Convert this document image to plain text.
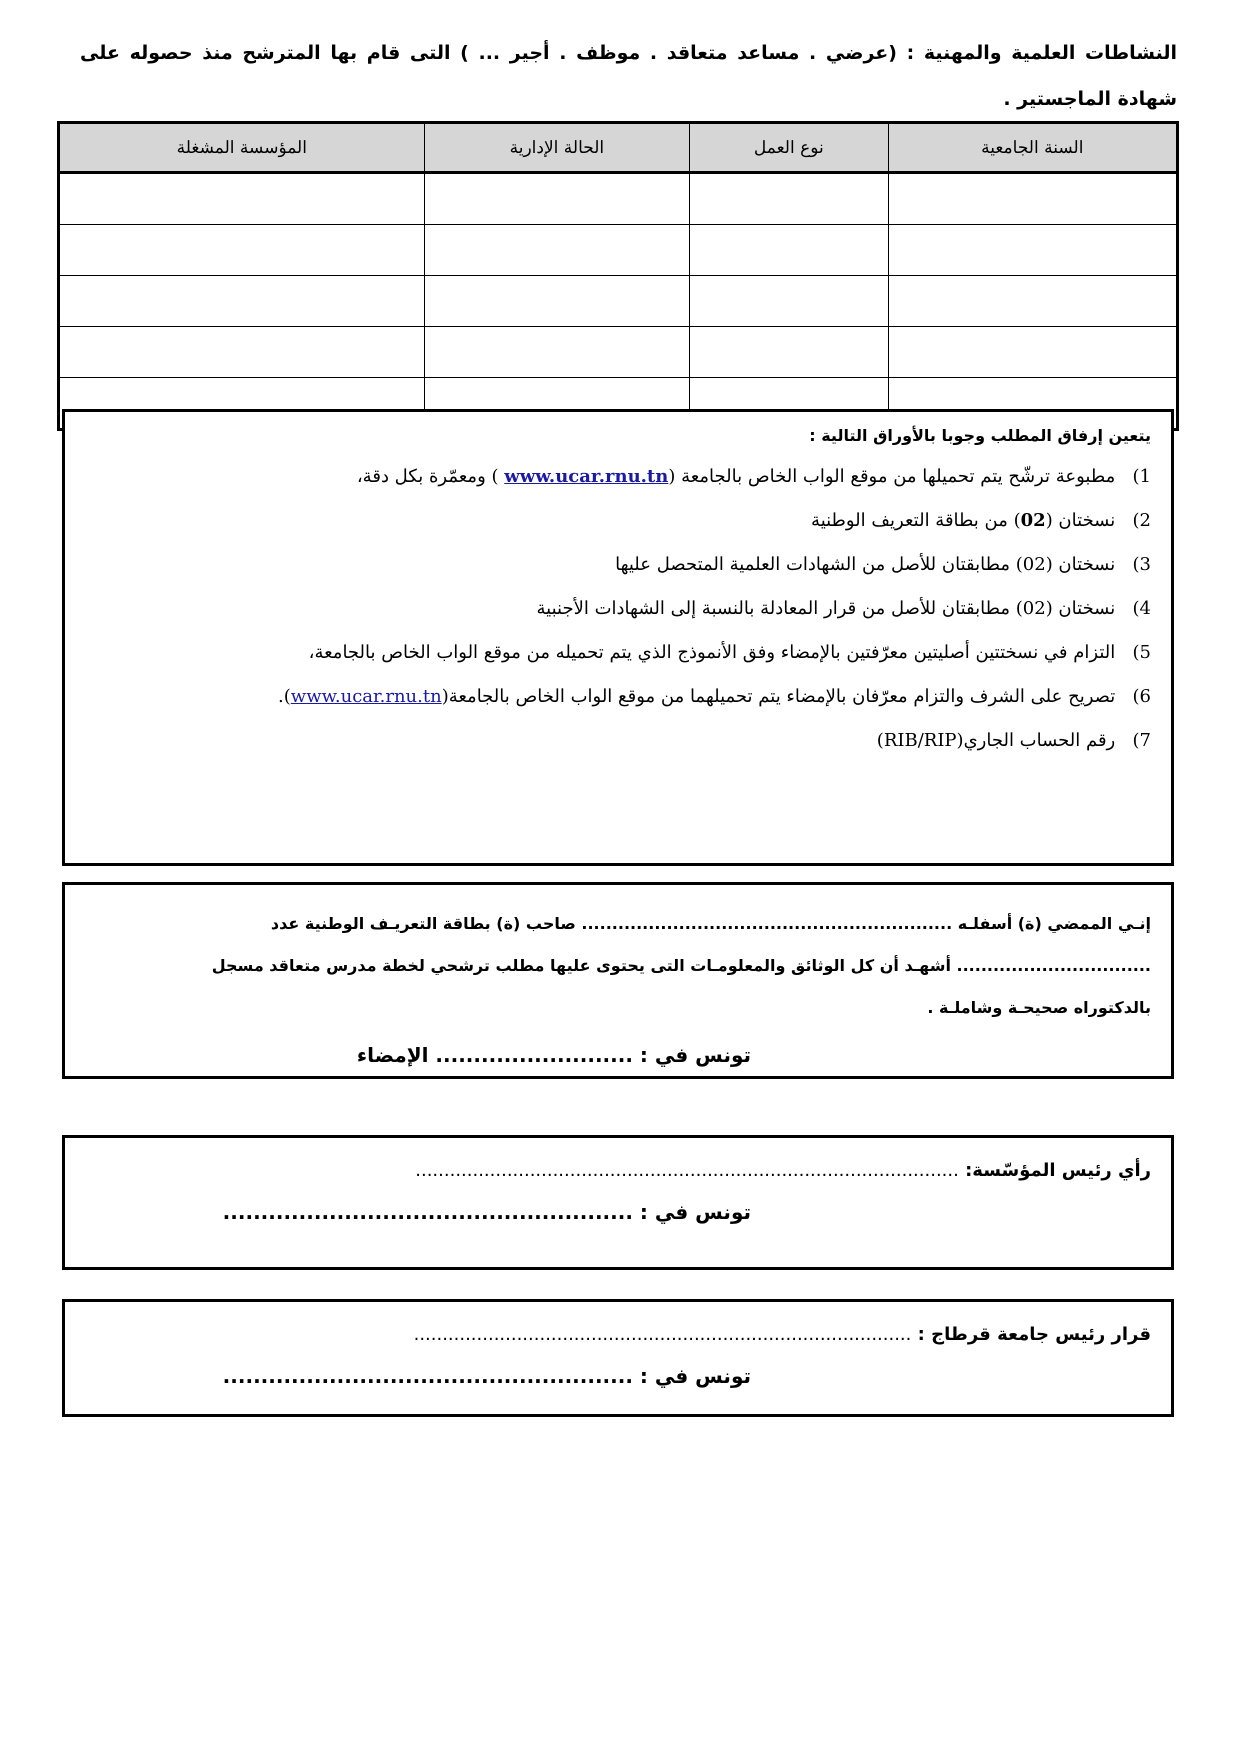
النشاطات العلمية والمهنية : (عرضي . مساعد متعاقد . موظف . أجير ... ) التى قام بها المترشح منذ حصوله على شهادة الماجستير .
السنة الجامعية	نوع العمل	الحالة الإدارية	المؤسسة المشغلة

يتعين إرفاق المطلب وجوبا بالأوراق التالية :

1) مطبوعة ترشّح يتم تحميلها من موقع الواب الخاص بالجامعة (www.ucar.rnu.tn ) ومعمّرة بكل دقة،
2) نسختان (02) من بطاقة التعريف الوطنية
3) نسختان (02) مطابقتان للأصل من الشهادات العلمية المتحصل عليها
4) نسختان (02) مطابقتان للأصل من قرار المعادلة بالنسبة إلى الشهادات الأجنبية
5) التزام في نسختتين أصليتين معرّفتين بالإمضاء وفق الأنموذج الذي يتم تحميله من موقع الواب الخاص بالجامعة،
6) تصريح على الشرف والتزام معرّفان بالإمضاء يتم تحميلهما من موقع الواب الخاص بالجامعة(www.ucar.rnu.tn).
7) رقم الحساب الجاري(RIB/RIP)

إنـي الممضي (ة) أسفلـه ............................................................. صاحب (ة) بطاقة التعريـف الوطنية عدد

................................ أشهـد أن كل الوثائق والمعلومـات التى يحتوى عليها مطلب ترشحي لخطة مدرس متعاقد مسجل

بالدكتوراه صحيحـة وشاملـة .

تونس في : .......................... الإمضاء
رأي رئيس المؤسّسة: ...............................................................................................
تونس في : ......................................................
قرار رئيس جامعة قرطاج : .......................................................................................
تونس في : ......................................................
